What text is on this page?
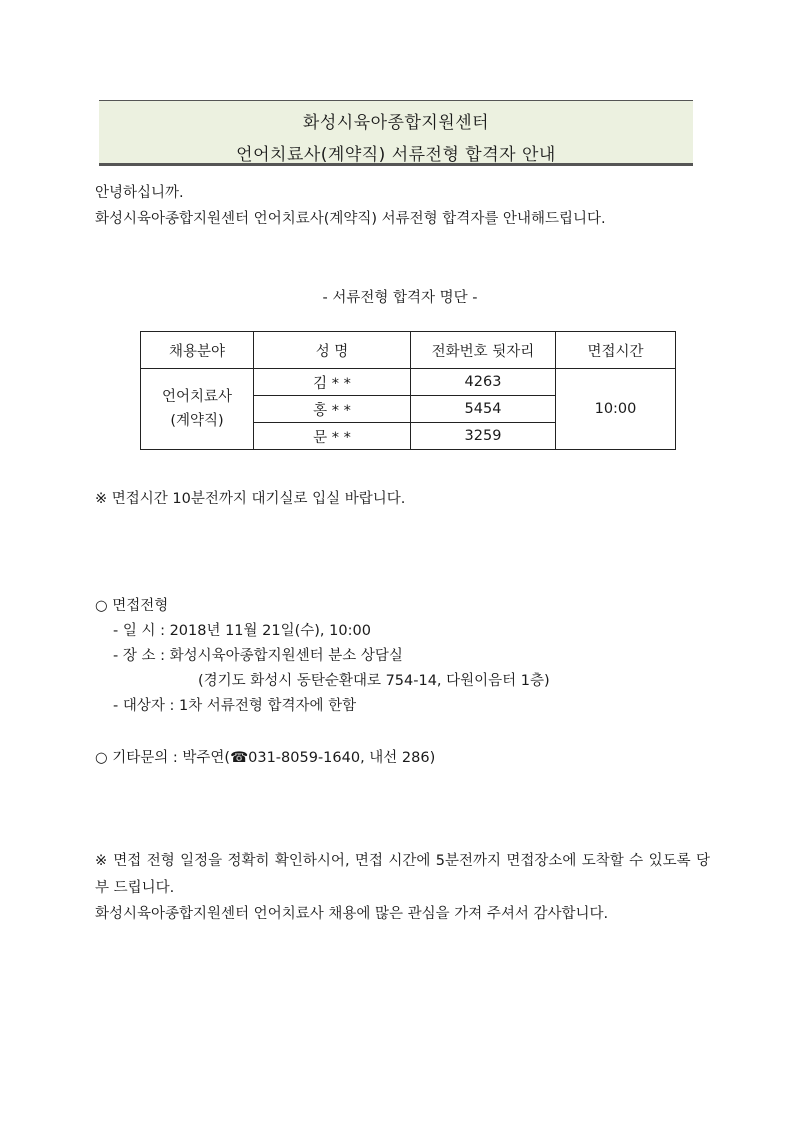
화성시육아종합지원센터
언어치료사(계약직) 서류전형 합격자 안내
안녕하십니까.
화성시육아종합지원센터 언어치료사(계약직) 서류전형 합격자를 안내해드립니다.
- 서류전형 합격자 명단 -
채용분야	성 명	전화번호 뒷자리	면접시간
언어치료사
(계약직)	김 * *	4263	10:00
	홍 * *	5454	
	문 * *	3259	
※ 면접시간 10분전까지 대기실로 입실 바랍니다.
○ 면접전형
- 일 시 : 2018년 11월 21일(수), 10:00
- 장 소 : 화성시육아종합지원센터 분소 상담실
(경기도 화성시 동탄순환대로 754-14, 다원이음터 1층)
- 대상자 : 1차 서류전형 합격자에 한함
○ 기타문의 : 박주연(☎031-8059-1640, 내선 286)
※ 면접 전형 일정을 정확히 확인하시어, 면접 시간에 5분전까지 면접장소에 도착할 수 있도록 당부 드립니다.
화성시육아종합지원센터 언어치료사 채용에 많은 관심을 가져 주셔서 감사합니다.
